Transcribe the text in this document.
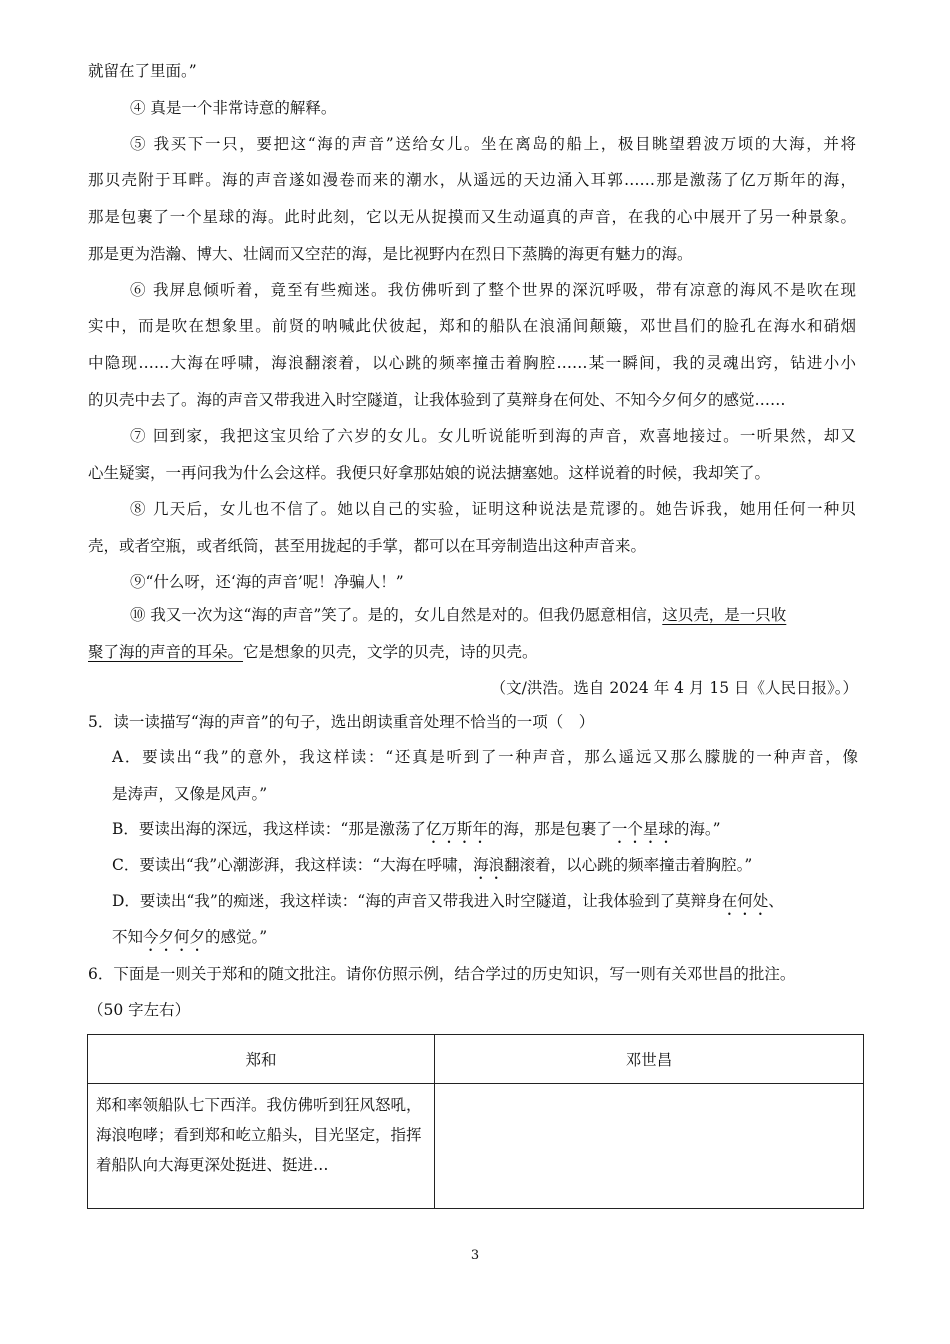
就留在了里面。”
④ 真是一个非常诗意的解释。
⑤ 我买下一只，要把这“海的声音”送给女儿。坐在离岛的船上，极目眺望碧波万顷的大海，并将
那贝壳附于耳畔。海的声音遂如漫卷而来的潮水，从遥远的天边涌入耳郭……那是激荡了亿万斯年的海，
那是包裹了一个星球的海。此时此刻，它以无从捉摸而又生动逼真的声音，在我的心中展开了另一种景象。
那是更为浩瀚、博大、壮阔而又空茫的海，是比视野内在烈日下蒸腾的海更有魅力的海。
⑥ 我屏息倾听着，竟至有些痴迷。我仿佛听到了整个世界的深沉呼吸，带有凉意的海风不是吹在现
实中，而是吹在想象里。前贤的呐喊此伏彼起，郑和的船队在浪涌间颠簸，邓世昌们的脸孔在海水和硝烟
中隐现……大海在呼啸，海浪翻滚着，以心跳的频率撞击着胸腔……某一瞬间，我的灵魂出窍，钻进小小
的贝壳中去了。海的声音又带我进入时空隧道，让我体验到了莫辩身在何处、不知今夕何夕的感觉……
⑦ 回到家，我把这宝贝给了六岁的女儿。女儿听说能听到海的声音，欢喜地接过。一听果然，却又
心生疑窦，一再问我为什么会这样。我便只好拿那姑娘的说法搪塞她。这样说着的时候，我却笑了。
⑧ 几天后，女儿也不信了。她以自己的实验，证明这种说法是荒谬的。她告诉我，她用任何一种贝
壳，或者空瓶，或者纸筒，甚至用拢起的手掌，都可以在耳旁制造出这种声音来。
⑨“什么呀，还‘海的声音’呢！净骗人！”
⑩ 我又一次为这“海的声音”笑了。是的，女儿自然是对的。但我仍愿意相信，这贝壳，是一只收
聚了海的声音的耳朵。它是想象的贝壳，文学的贝壳，诗的贝壳。
（文/洪浩。选自 2024 年 4 月 15 日《人民日报》。）
5．读一读描写“海的声音”的句子，选出朗读重音处理不恰当的一项（　）
A．要读出“我”的意外，我这样读：“还真是听到了一种声音，那么遥远又那么朦胧的一种声音，像
是涛声，又像是风声。”
B．要读出海的深远，我这样读：“那是激荡了亿万斯年的海，那是包裹了一个星球的海。”
C．要读出“我”心潮澎湃，我这样读：“大海在呼啸，海浪翻滚着，以心跳的频率撞击着胸腔。”
D．要读出“我”的痴迷，我这样读：“海的声音又带我进入时空隧道，让我体验到了莫辩身在何处、
不知今夕何夕的感觉。”
6．下面是一则关于郑和的随文批注。请你仿照示例，结合学过的历史知识，写一则有关邓世昌的批注。
（50 字左右）
郑和	邓世昌
郑和率领船队七下西洋。我仿佛听到狂风怒吼，海浪咆哮；看到郑和屹立船头，目光坚定，指挥着船队向大海更深处挺进、挺进…	
3
